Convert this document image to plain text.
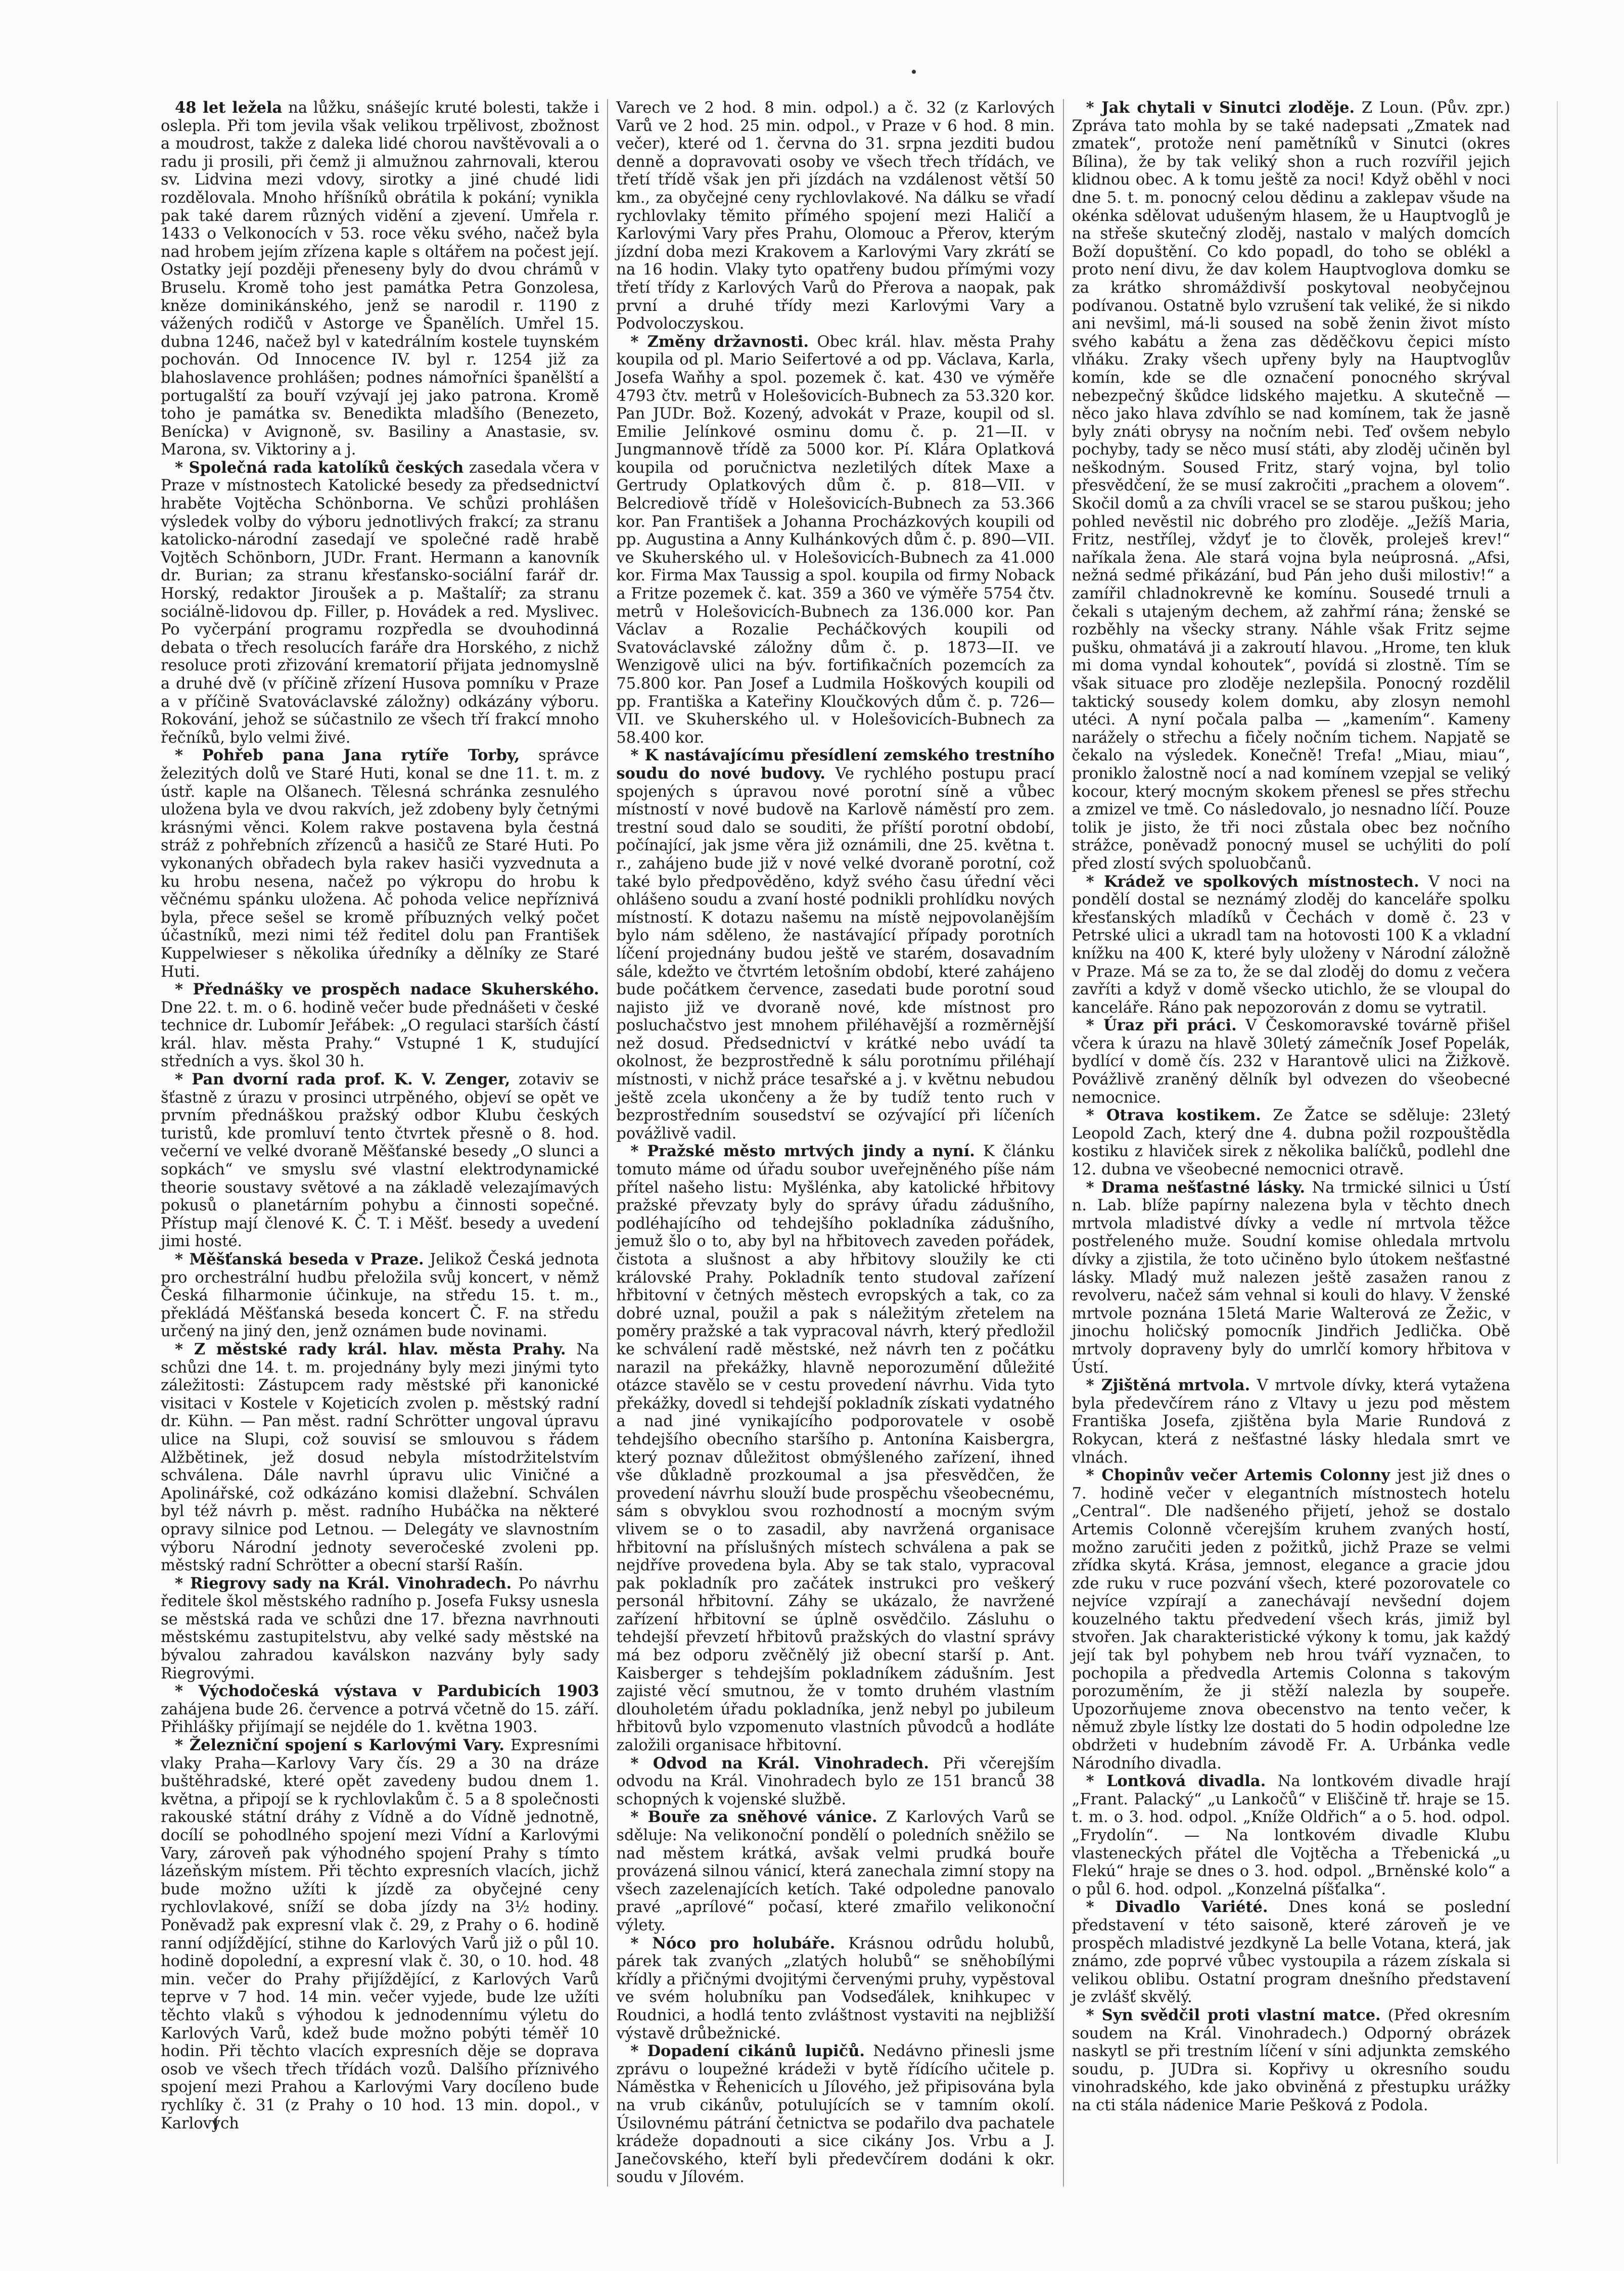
48 let ležela na lůžku, snášejíc kruté bolesti, takže i oslepla. Při tom jevila však velikou trpělivost, zbožnost a moudrost, takže z daleka lidé chorou navštěvovali a o radu ji prosili, při čemž ji almužnou zahrnovali, kterou sv. Lidvina mezi vdovy, sirotky a jiné chudé lidi rozdělovala. Mnoho hříšníků obrátila k pokání; vynikla pak také darem různých vidění a zjevení. Umřela r. 1433 o Velkonocích v 53. roce věku svého, načež byla nad hrobem jejím zřízena kaple s oltářem na počest její. Ostatky její později přeneseny byly do dvou chrámů v Bruselu. Kromě toho jest památka Petra Gonzolesa, kněze dominikánského, jenž se narodil r. 1190 z vážených rodičů v Astorge ve Španělích. Umřel 15. dubna 1246, načež byl v katedrálním kostele tuynském pochován. Od Innocence IV. byl r. 1254 již za blahoslavence prohlášen; podnes námořníci španělští a portugalští za bouří vzývají jej jako patrona. Kromě toho je památka sv. Benedikta mladšího (Benezeto, Benícka) v Avignoně, sv. Basiliny a Anastasie, sv. Marona, sv. Viktoriny a j.

* Společná rada katolíků českých zasedala včera v Praze v místnostech Katolické besedy za předsednictví hraběte Vojtěcha Schönborna. Ve schůzi prohlášen výsledek volby do výboru jednotlivých frakcí; za stranu katolicko-národní zasedají ve společné radě hrabě Vojtěch Schönborn, JUDr. Frant. Hermann a kanovník dr. Burian; za stranu křesťansko-sociální farář dr. Horský, redaktor Jiroušek a p. Maštalíř; za stranu sociálně-lidovou dp. Filler, p. Hovádek a red. Myslivec. Po vyčerpání programu rozpředla se dvouhodinná debata o třech resolucích faráře dra Horského, z nichž resoluce proti zřizování krematorií přijata jednomyslně a druhé dvě (v příčině zřízení Husova pomníku v Praze a v příčině Svatováclavské záložny) odkázány výboru. Rokování, jehož se súčastnilo ze všech tří frakcí mnoho řečníků, bylo velmi živé.

* Pohřeb pana Jana rytíře Torby, správce železitých dolů ve Staré Huti, konal se dne 11. t. m. z ústř. kaple na Olšanech. Tělesná schránka zesnulého uložena byla ve dvou rakvích, jež zdobeny byly četnými krásnými věnci. Kolem rakve postavena byla čestná stráž z pohřebních zřízenců a hasičů ze Staré Huti. Po vykonaných obřadech byla rakev hasiči vyzvednuta a ku hrobu nesena, načež po výkropu do hrobu k věčnému spánku uložena. Ač pohoda velice nepříznivá byla, přece sešel se kromě příbuzných velký počet účastníků, mezi nimi též ředitel dolu pan František Kuppelwieser s několika úředníky a dělníky ze Staré Huti.

* Přednášky ve prospěch nadace Skuherského. Dne 22. t. m. o 6. hodině večer bude přednášeti v české technice dr. Lubomír Jeřábek: „O regulaci starších částí král. hlav. města Prahy.“ Vstupné 1 K, studující středních a vys. škol 30 h.

* Pan dvorní rada prof. K. V. Zenger, zotaviv se šťastně z úrazu v prosinci utrpěného, objeví se opět ve prvním přednáškou pražský odbor Klubu českých turistů, kde promluví tento čtvrtek přesně o 8. hod. večerní ve velké dvoraně Měšťanské besedy „O slunci a sopkách“ ve smyslu své vlastní elektrodynamické theorie soustavy světové a na základě velezajímavých pokusů o planetárním pohybu a činnosti sopečné. Přístup mají členové K. Č. T. i Měšť. besedy a uvedení jimi hosté.

* Měšťanská beseda v Praze. Jelikož Česká jednota pro orchestrální hudbu přeložila svůj koncert, v němž Česká filharmonie účinkuje, na středu 15. t. m., překládá Měšťanská beseda koncert Č. F. na středu určený na jiný den, jenž oznámen bude novinami.

* Z městské rady král. hlav. města Prahy. Na schůzi dne 14. t. m. projednány byly mezi jinými tyto záležitosti: Zástupcem rady městské při kanonické visitaci v Kostele v Kojeticích zvolen p. městský radní dr. Kühn. — Pan měst. radní Schrötter ungoval úpravu ulice na Slupi, což souvisí se smlouvou s řádem Alžbětinek, jež dosud nebyla místodržitelstvím schválena. Dále navrhl úpravu ulic Viničné a Apolinářské, což odkázáno komisi dlažební. Schválen byl též návrh p. měst. radního Hubáčka na některé opravy silnice pod Letnou. — Delegáty ve slavnostním výboru Národní jednoty severočeské zvoleni pp. městský radní Schrötter a obecní starší Rašín.

* Riegrovy sady na Král. Vinohradech. Po návrhu ředitele škol městského radního p. Josefa Fuksy usnesla se městská rada ve schůzi dne 17. března navrhnouti městskému zastupitelstvu, aby velké sady městské na bývalou zahradou kaválskon nazvány byly sady Riegrovými.

* Východočeská výstava v Pardubicích 1903 zahájena bude 26. července a potrvá včetně do 15. září. Přihlášky přijímají se nejdéle do 1. května 1903.

* Železniční spojení s Karlovými Vary. Expresními vlaky Praha—Karlovy Vary čís. 29 a 30 na dráze buštěhradské, které opět zavedeny budou dnem 1. května, a připojí se k rychlovlakům č. 5 a 8 společnosti rakouské státní dráhy z Vídně a do Vídně jednotně, docílí se pohodlného spojení mezi Vídní a Karlovými Vary, zároveň pak výhodného spojení Prahy s tímto lázeňským místem. Při těchto expresních vlacích, jichž bude možno užíti k jízdě za obyčejné ceny rychlovlakové, sníží se doba jízdy na 3½ hodiny. Poněvadž pak expresní vlak č. 29, z Prahy o 6. hodině ranní odjíždějící, stihne do Karlových Varů již o půl 10. hodině dopolední, a expresní vlak č. 30, o 10. hod. 48 min. večer do Prahy přijíždějící, z Karlových Varů teprve v 7 hod. 14 min. večer vyjede, bude lze užíti těchto vlaků s výhodou k jednodennímu výletu do Karlových Varů, kdež bude možno pobýti téměř 10 hodin. Při těchto vlacích expresních děje se doprava osob ve všech třech třídách vozů. Dalšího příznivého spojení mezi Prahou a Karlovými Vary docíleno bude rychlíky č. 31 (z Prahy o 10 hod. 13 min. dopol., v Karlových

Varech ve 2 hod. 8 min. odpol.) a č. 32 (z Karlových Varů ve 2 hod. 25 min. odpol., v Praze v 6 hod. 8 min. večer), které od 1. června do 31. srpna jezditi budou denně a dopravovati osoby ve všech třech třídách, ve třetí třídě však jen při jízdách na vzdálenost větší 50 km., za obyčejné ceny rychlovlakové. Na dálku se vřadí rychlovlaky těmito přímého spojení mezi Haličí a Karlovými Vary přes Prahu, Olomouc a Přerov, kterým jízdní doba mezi Krakovem a Karlovými Vary zkrátí se na 16 hodin. Vlaky tyto opatřeny budou přímými vozy třetí třídy z Karlových Varů do Přerova a naopak, pak první a druhé třídy mezi Karlovými Vary a Podvoloczyskou.

* Změny državnosti. Obec král. hlav. města Prahy koupila od pl. Mario Seifertové a od pp. Václava, Karla, Josefa Waňhy a spol. pozemek č. kat. 430 ve výměře 4793 čtv. metrů v Holešovicích-Bubnech za 53.320 kor. Pan JUDr. Bož. Kozený, advokát v Praze, koupil od sl. Emilie Jelínkové osminu domu č. p. 21—II. v Jungmannově třídě za 5000 kor. Pí. Klára Oplatková koupila od poručnictva nezletilých dítek Maxe a Gertrudy Oplatkových dům č. p. 818—VII. v Belcrediově třídě v Holešovicích-Bubnech za 53.366 kor. Pan František a Johanna Procházkových koupili od pp. Augustina a Anny Kulhánkových dům č. p. 890—VII. ve Skuherského ul. v Holešovicích-Bubnech za 41.000 kor. Firma Max Taussig a spol. koupila od firmy Noback a Fritze pozemek č. kat. 359 a 360 ve výměře 5754 čtv. metrů v Holešovicích-Bubnech za 136.000 kor. Pan Václav a Rozalie Pecháčkových koupili od Svatováclavské záložny dům č. p. 1873—II. ve Wenzigově ulici na býv. fortifikačních pozemcích za 75.800 kor. Pan Josef a Ludmila Hoškových koupili od pp. Františka a Kateřiny Kloučkových dům č. p. 726—VII. ve Skuherského ul. v Holešovicích-Bubnech za 58.400 kor.

* K nastávajícímu přesídlení zemského trestního soudu do nové budovy. Ve rychlého postupu prací spojených s úpravou nové porotní síně a vůbec místností v nové budově na Karlově náměstí pro zem. trestní soud dalo se souditi, že příští porotní období, počínající, jak jsme věra již oznámili, dne 25. května t. r., zahájeno bude již v nové velké dvoraně porotní, což také bylo předpověděno, když svého času úřední věci ohlášeno soudu a zvaní hosté podnikli prohlídku nových místností. K dotazu našemu na místě nejpovolanějším bylo nám sděleno, že nastávající případy porotních líčení projednány budou ještě ve starém, dosavadním sále, kdežto ve čtvrtém letošním období, které zahájeno bude počátkem července, zasedati bude porotní soud najisto již ve dvoraně nové, kde místnost pro posluchačstvo jest mnohem přiléhavější a rozměrnější než dosud. Předsednictví v krátké nebo uvádí ta okolnost, že bezprostředně k sálu porotnímu přiléhají místnosti, v nichž práce tesařské a j. v květnu nebudou ještě zcela ukončeny a že by tudíž tento ruch v bezprostředním sousedství se ozývající při líčeních povážlivě vadil.

* Pražské město mrtvých jindy a nyní. K článku tomuto máme od úřadu soubor uveřejněného píše nám přítel našeho listu: Myšlénka, aby katolické hřbitovy pražské převzaty byly do správy úřadu zádušního, podléhajícího od tehdejšího pokladníka zádušního, jemuž šlo o to, aby byl na hřbitovech zaveden pořádek, čistota a slušnost a aby hřbitovy sloužily ke cti královské Prahy. Pokladník tento studoval zařízení hřbitovní v četných městech evropských a tak, co za dobré uznal, použil a pak s náležitým zřetelem na poměry pražské a tak vypracoval návrh, který předložil ke schválení radě městské, než návrh ten z počátku narazil na překážky, hlavně neporozumění důležité otázce stavělo se v cestu provedení návrhu. Vida tyto překážky, dovedl si tehdejší pokladník získati vydatného a nad jiné vynikajícího podporovatele v osobě tehdejšího obecního staršího p. Antonína Kaisbergra, který poznav důležitost obmýšleného zařízení, ihned vše důkladně prozkoumal a jsa přesvědčen, že provedení návrhu slouží bude prospěchu všeobecnému, sám s obvyklou svou rozhodností a mocným svým vlivem se o to zasadil, aby navržená organisace hřbitovní na příslušných místech schválena a pak se nejdříve provedena byla. Aby se tak stalo, vypracoval pak pokladník pro začátek instrukci pro veškerý personál hřbitovní. Záhy se ukázalo, že navržené zařízení hřbitovní se úplně osvědčilo. Zásluhu o tehdejší převzetí hřbitovů pražských do vlastní správy má bez odporu zvěčnělý již obecní starší p. Ant. Kaisberger s tehdejším pokladníkem zádušním. Jest zajisté věcí smutnou, že v tomto druhém vlastním dlouholetém úřadu pokladníka, jenž nebyl po jubileum hřbitovů bylo vzpomenuto vlastních původců a hodláte založili organisace hřbitovní.

* Odvod na Král. Vinohradech. Při včerejším odvodu na Král. Vinohradech bylo ze 151 branců 38 schopných k vojenské službě.

* Bouře za sněhové vánice. Z Karlových Varů se sděluje: Na velikonoční pondělí o poledních sněžilo se nad městem krátká, avšak velmi prudká bouře provázená silnou vánicí, která zanechala zimní stopy na všech zazelenajících ketích. Také odpoledne panovalo pravé „aprílové“ počasí, které zmařilo velikonoční výlety.

* Nóco pro holubáře. Krásnou odrůdu holubů, párek tak zvaných „zlatých holubů“ se sněhobílými křídly a přičnými dvojitými červenými pruhy, vypěstoval ve svém holubníku pan Vodseďálek, knihkupec v Roudnici, a hodlá tento zvláštnost vystaviti na nejbližší výstavě drůbežnické.

* Dopadení cikánů lupičů. Nedávno přinesli jsme zprávu o loupežné krádeži v bytě řídícího učitele p. Náměstka v Řehenicích u Jílového, jež připisována byla na vrub cikánův, potulujících se v tamním okolí. Úsilovnému pátrání četnictva se podařilo dva pachatele krádeže dopadnouti a sice cikány Jos. Vrbu a J. Janečovského, kteří byli předevčírem dodáni k okr. soudu v Jílovém.

* Jak chytali v Sinutci zloděje. Z Loun. (Pův. zpr.) Zpráva tato mohla by se také nadepsati „Zmatek nad zmatek“, protože není pamětníků v Sinutci (okres Bílina), že by tak veliký shon a ruch rozvířil jejich klidnou obec. A k tomu ještě za noci! Když oběhl v noci dne 5. t. m. ponocný celou dědinu a zaklepav všude na okénka sdělovat udušeným hlasem, že u Hauptvoglů je na střeše skutečný zloděj, nastalo v malých domcích Boží dopuštění. Co kdo popadl, do toho se oblékl a proto není divu, že dav kolem Hauptvoglova domku se za krátko shromáždivší poskytoval neobyčejnou podívanou. Ostatně bylo vzrušení tak veliké, že si nikdo ani nevšiml, má-li soused na sobě ženin život místo svého kabátu a žena zas děděčkovu čepici místo vlňáku. Zraky všech upřeny byly na Hauptvoglův komín, kde se dle označení ponocného skrýval nebezpečný škůdce lidského majetku. A skutečně — něco jako hlava zdvíhlo se nad komínem, tak že jasně byly znáti obrysy na nočním nebi. Teď ovšem nebylo pochyby, tady se něco musí státi, aby zloděj učiněn byl neškodným. Soused Fritz, starý vojna, byl tolio přesvědčení, že se musí zakročiti „prachem a olovem“. Skočil domů a za chvíli vracel se se starou puškou; jeho pohled nevěstil nic dobrého pro zloděje. „Ježíš Maria, Fritz, nestřílej, vždyť je to člověk, proleješ krev!“ naříkala žena. Ale stará vojna byla neúprosná. „Afsi, nežná sedmé přikázání, bud Pán jeho duši milostiv!“ a zamířil chladnokrevně ke komínu. Sousedé trnuli a čekali s utajeným dechem, až zahřmí rána; ženské se rozběhly na všecky strany. Náhle však Fritz sejme pušku, ohmatává ji a zakroutí hlavou. „Hrome, ten kluk mi doma vyndal kohoutek“, povídá si zlostně. Tím se však situace pro zloděje nezlepšila. Ponocný rozdělil taktický sousedy kolem domku, aby zlosyn nemohl utéci. A nyní počala palba — „kamením“. Kameny narážely o střechu a fičely nočním tichem. Napjatě se čekalo na výsledek. Konečně! Trefa! „Miau, miau“, proniklo žalostně nocí a nad komínem vzepjal se veliký kocour, který mocným skokem přenesl se přes střechu a zmizel ve tmě. Co následovalo, jo nesnadno líčí. Pouze tolik je jisto, že tři noci zůstala obec bez nočního strážce, poněvadž ponocný musel se uchýliti do polí před zlostí svých spoluobčanů.

* Krádež ve spolkových místnostech. V noci na pondělí dostal se neznámý zloděj do kanceláře spolku křesťanských mladíků v Čechách v domě č. 23 v Petrské ulici a ukradl tam na hotovosti 100 K a vkladní knížku na 400 K, které byly uloženy v Národní záložně v Praze. Má se za to, že se dal zloděj do domu z večera zavříti a když v domě všecko utichlo, že se vloupal do kanceláře. Ráno pak nepozorován z domu se vytratil.

* Úraz při práci. V Českomoravské továrně přišel včera k úrazu na hlavě 30letý zámečník Josef Popelák, bydlící v domě čís. 232 v Harantově ulici na Žižkově. Povážlivě zraněný dělník byl odvezen do všeobecné nemocnice.

* Otrava kostikem. Ze Žatce se sděluje: 23letý Leopold Zach, který dne 4. dubna požil rozpouštědla kostiku z hlaviček sirek z několika balíčků, podlehl dne 12. dubna ve všeobecné nemocnici otravě.

* Drama nešťastné lásky. Na trmické silnici u Ústí n. Lab. blíže papírny nalezena byla v těchto dnech mrtvola mladistvé dívky a vedle ní mrtvola těžce postřeleného muže. Soudní komise ohledala mrtvolu dívky a zjistila, že toto učiněno bylo útokem nešťastné lásky. Mladý muž nalezen ještě zasažen ranou z revolveru, načež sám vehnal si kouli do hlavy. V ženské mrtvole poznána 15letá Marie Walterová ze Žežic, v jinochu holičský pomocník Jindřich Jedlička. Obě mrtvoly dopraveny byly do umrlčí komory hřbitova v Ústí.

* Zjištěná mrtvola. V mrtvole dívky, která vytažena byla předevčírem ráno z Vltavy u jezu pod městem Františka Josefa, zjištěna byla Marie Rundová z Rokycan, která z nešťastné lásky hledala smrt ve vlnách.

* Chopinův večer Artemis Colonny jest již dnes o 7. hodině večer v elegantních místnostech hotelu „Central“. Dle nadšeného přijetí, jehož se dostalo Artemis Colonně včerejším kruhem zvaných hostí, možno zaručiti jeden z požitků, jichž Praze se velmi zřídka skytá. Krása, jemnost, elegance a gracie jdou zde ruku v ruce pozvání všech, které pozorovatele co nejvíce vzpírají a zanechávají nevšední dojem kouzelného taktu předvedení všech krás, jimiž byl stvořen. Jak charakteristické výkony k tomu, jak každý její tak byl pohybem neb hrou tváří vyznačen, to pochopila a předvedla Artemis Colonna s takovým porozuměním, že ji stěží nalezla by soupeře. Upozorňujeme znova obecenstvo na tento večer, k němuž zbyle lístky lze dostati do 5 hodin odpoledne lze obdržeti v hudebním závodě Fr. A. Urbánka vedle Národního divadla.

* Lontková divadla. Na lontkovém divadle hrají „Frant. Palacký“ „u Lankočů“ v Eliščině tř. hraje se 15. t. m. o 3. hod. odpol. „Kníže Oldřich“ a o 5. hod. odpol. „Frydolín“. — Na lontkovém divadle Klubu vlasteneckých přátel dle Vojtěcha a Třebenická „u Flekú“ hraje se dnes o 3. hod. odpol. „Brněnské kolo“ a o půl 6. hod. odpol. „Konzelná píšťalka“.

* Divadlo Variété. Dnes koná se poslední představení v této saisoně, které zároveň je ve prospěch mladistvé jezdkyně La belle Votana, která, jak známo, zde poprvé vůbec vystoupila a rázem získala si velikou oblibu. Ostatní program dnešního představení je zvlášť skvělý.

* Syn svědčil proti vlastní matce. (Před okresním soudem na Král. Vinohradech.) Odporný obrázek naskytl se při trestním líčení v síni adjunkta zemského soudu, p. JUDra si. Kopřivy u okresního soudu vinohradského, kde jako obviněná z přestupku urážky na cti stála nádenice Marie Pešková z Podola.
